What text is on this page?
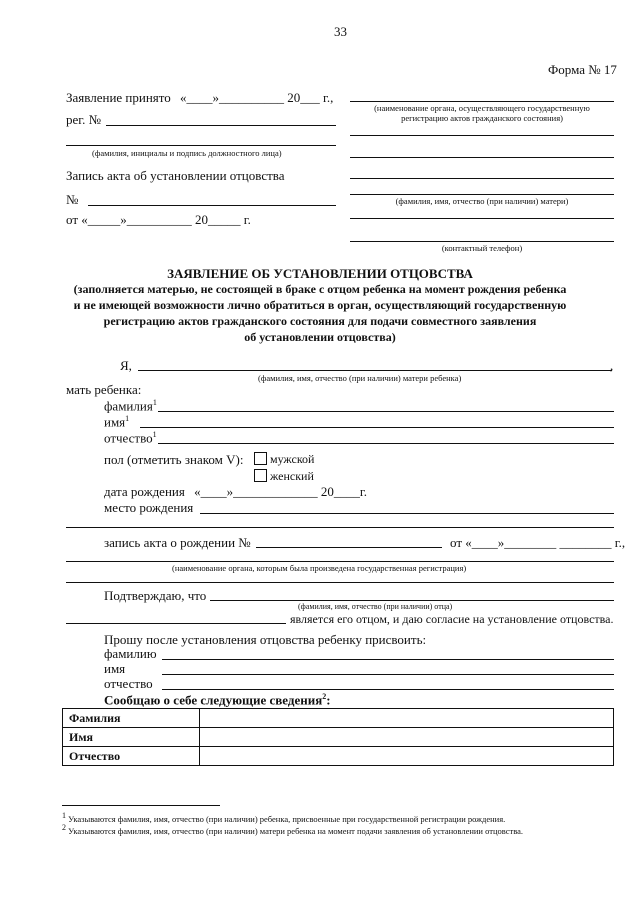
33
Форма № 17
Заявление принято «____»__________ 20___ г.,
рег. №
(фамилия, инициалы и подпись должностного лица)
Запись акта об установлении отцовства
№
от «_____»__________ 20_____ г.
(наименование органа, осуществляющего государственную
регистрацию актов гражданского состояния)
(фамилия, имя, отчество (при наличии) матери)
(контактный телефон)
ЗАЯВЛЕНИЕ ОБ УСТАНОВЛЕНИИ ОТЦОВСТВА
(заполняется матерью, не состоящей в браке с отцом ребенка на момент рождения ребенка
и не имеющей возможности лично обратиться в орган, осуществляющий государственную
регистрацию актов гражданского состояния для подачи совместного заявления
об установлении отцовства)
Я,	,
(фамилия, имя, отчество (при наличии) матери ребенка)
мать ребенка:
фамилия$^1$
имя$^1$
отчество$^1$
пол (отметить знаком V): мужской
женский
дата рождения «____»_____________ 20____г.
место рождения
запись акта о рождении №	от «____»________ ________ г.,
(наименование органа, которым была произведена государственная регистрация)
Подтверждаю, что
(фамилия, имя, отчество (при наличии) отца)
является его отцом, и даю согласие на установление отцовства.
Прошу после установления отцовства ребенку присвоить:
фамилию
имя
отчество
Сообщаю о себе следующие сведения$^2$:
Фамилия	
Имя	
Отчество	
$^1$ Указываются фамилия, имя, отчество (при наличии) ребенка, присвоенные при государственной регистрации рождения.
$^2$ Указываются фамилия, имя, отчество (при наличии) матери ребенка на момент подачи заявления об установлении отцовства.
